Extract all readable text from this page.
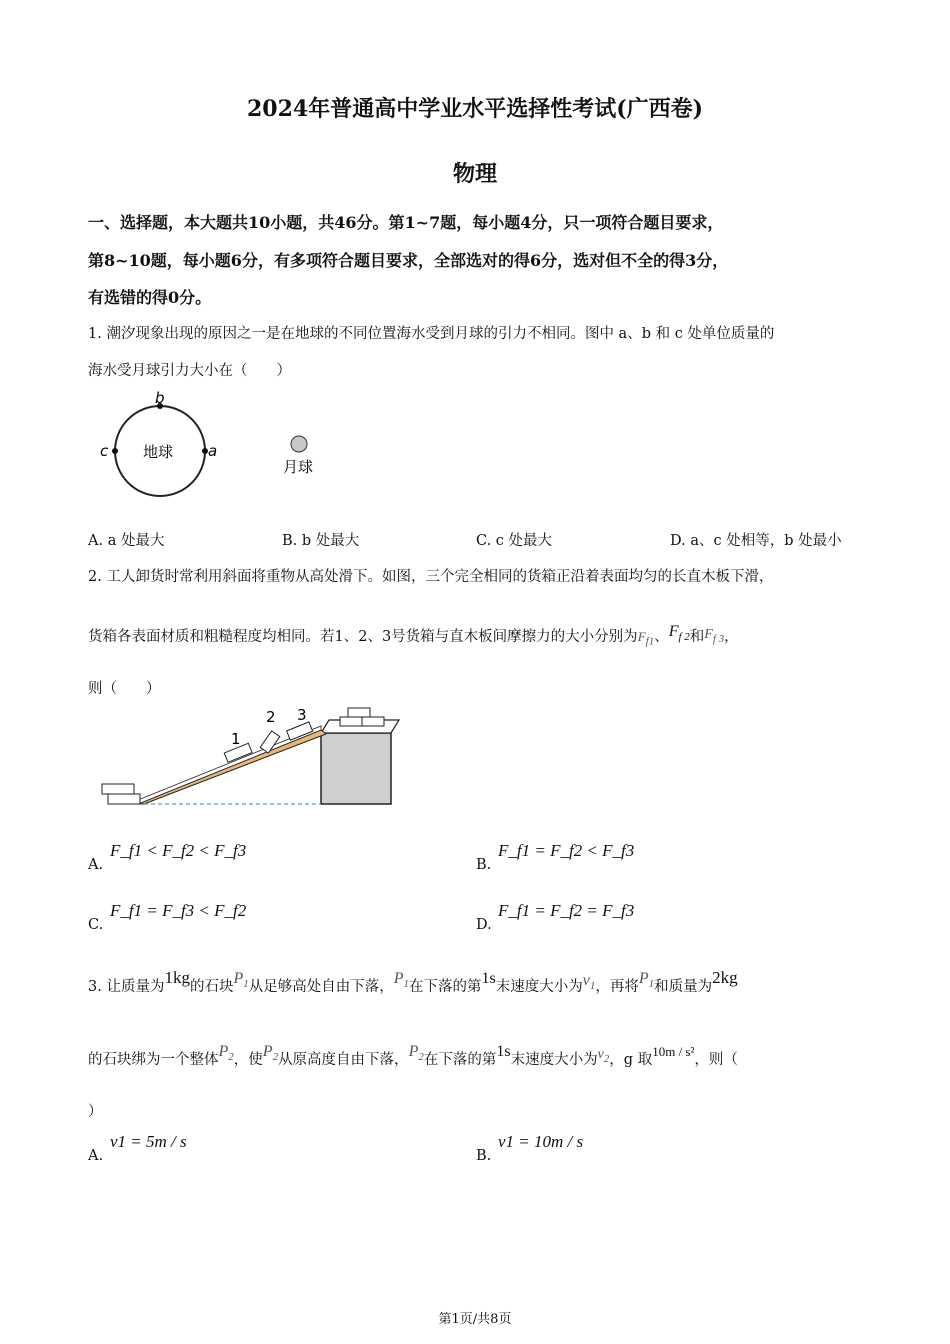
2024年普通高中学业水平选择性考试(广西卷)
物理
一、选择题，本大题共10小题，共46分。第1~7题，每小题4分，只一项符合题目要求，
第8~10题，每小题6分，有多项符合题目要求，全部选对的得6分，选对但不全的得3分，
有选错的得0分。
1. 潮汐现象出现的原因之一是在地球的不同位置海水受到月球的引力不相同。图中 a、b 和 c 处单位质量的
海水受月球引力大小在（　　）
b
c	a
地球
月球
A. a 处最大	B. b 处最大	C. c 处最大	D. a、c 处相等，b 处最小
2. 工人卸货时常利用斜面将重物从高处滑下。如图，三个完全相同的货箱正沿着表面均匀的长直木板下滑，
货箱各表面材质和粗糙程度均相同。若1、2、3号货箱与直木板间摩擦力的大小分别为$F_{f1}$、$F_{f 2}$和$F_{f 3}$，
则（　　）
1
2 3
A.
F_f1 < F_f2 < F_f3
B.
F_f1 = F_f2 < F_f3
C.
F_f1 = F_f3 < F_f2
D.
F_f1 = F_f2 = F_f3
3. 让质量为1kg的石块$P_1$从足够高处自由下落，$P_1$在下落的第1s末速度大小为$v_1$，再将$P_1$和质量为2kg
的石块绑为一个整体$P_2$，使$P_2$从原高度自由下落，$P_2$在下落的第1s末速度大小为$v_2$，g 取10m / s²，则（
）
A.
v1 = 5m / s
B.
v1 = 10m / s
第1页/共8页
